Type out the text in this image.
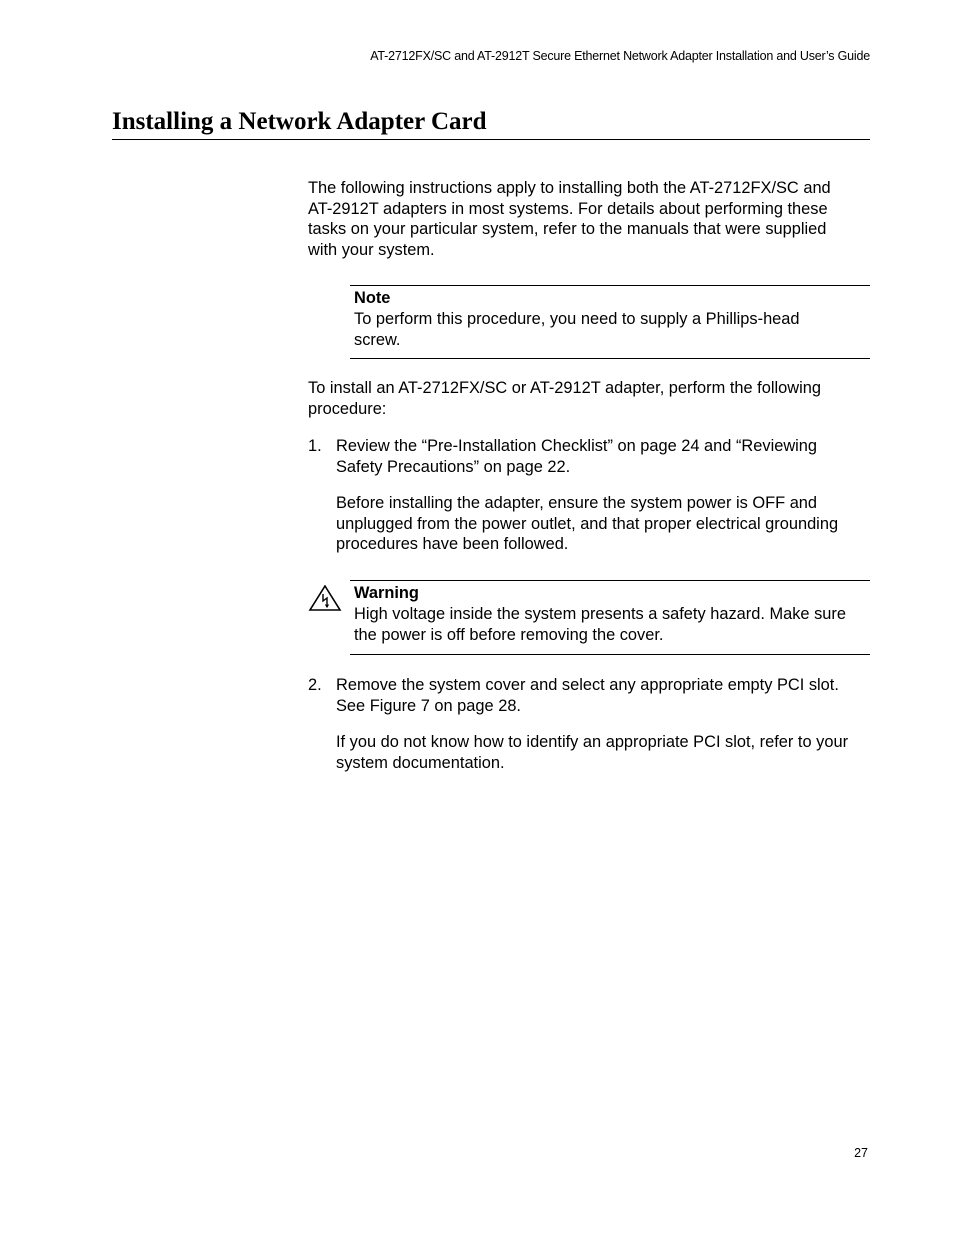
AT-2712FX/SC and AT-2912T Secure Ethernet Network Adapter Installation and User’s Guide
Installing a Network Adapter Card
The following instructions apply to installing both the AT-2712FX/SC and
AT-2912T adapters in most systems. For details about performing these
tasks on your particular system, refer to the manuals that were supplied
with your system.
Note
To perform this procedure, you need to supply a Phillips-head
screw.
To install an AT-2712FX/SC or AT-2912T adapter, perform the following
procedure:
1. Review the “Pre-Installation Checklist” on page 24 and “Reviewing
Safety Precautions” on page 22.
Before installing the adapter, ensure the system power is OFF and
unplugged from the power outlet, and that proper electrical grounding
procedures have been followed.
Warning
High voltage inside the system presents a safety hazard. Make sure
the power is off before removing the cover.
2. Remove the system cover and select any appropriate empty PCI slot.
See Figure 7 on page 28.
If you do not know how to identify an appropriate PCI slot, refer to your
system documentation.
27
